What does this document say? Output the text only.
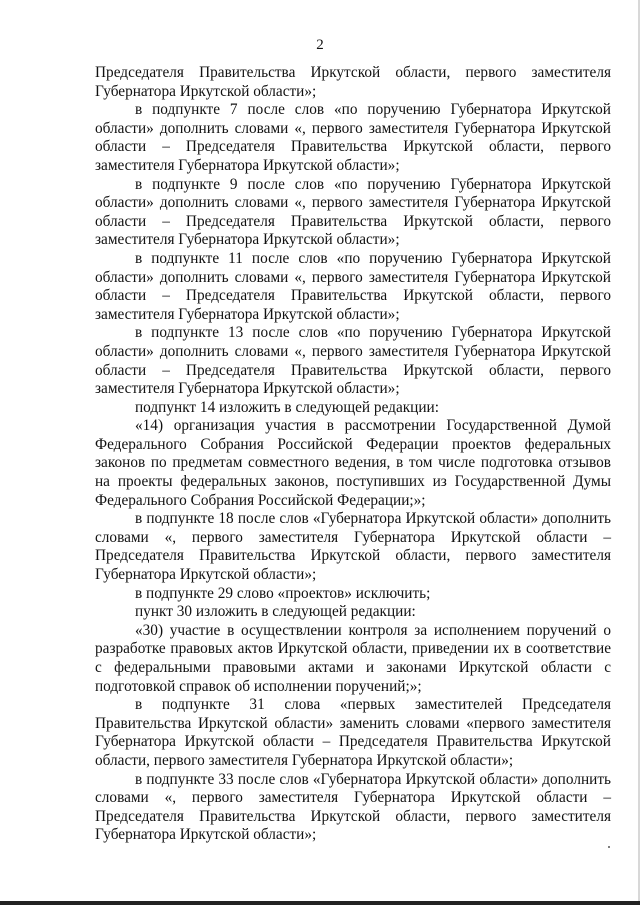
2

Председателя Правительства Иркутской области, первого заместителя Губернатора Иркутской области»;

в подпункте 7 после слов «по поручению Губернатора Иркутской области» дополнить словами «, первого заместителя Губернатора Иркутской области – Председателя Правительства Иркутской области, первого заместителя Губернатора Иркутской области»;

в подпункте 9 после слов «по поручению Губернатора Иркутской области» дополнить словами «, первого заместителя Губернатора Иркутской области – Председателя Правительства Иркутской области, первого заместителя Губернатора Иркутской области»;

в подпункте 11 после слов «по поручению Губернатора Иркутской области» дополнить словами «, первого заместителя Губернатора Иркутской области – Председателя Правительства Иркутской области, первого заместителя Губернатора Иркутской области»;

в подпункте 13 после слов «по поручению Губернатора Иркутской области» дополнить словами «, первого заместителя Губернатора Иркутской области – Председателя Правительства Иркутской области, первого заместителя Губернатора Иркутской области»;

подпункт 14 изложить в следующей редакции:

«14) организация участия в рассмотрении Государственной Думой Федерального Собрания Российской Федерации проектов федеральных законов по предметам совместного ведения, в том числе подготовка отзывов на проекты федеральных законов, поступивших из Государственной Думы Федерального Собрания Российской Федерации;»;

в подпункте 18 после слов «Губернатора Иркутской области» дополнить словами «, первого заместителя Губернатора Иркутской области – Председателя Правительства Иркутской области, первого заместителя Губернатора Иркутской области»;

в подпункте 29 слово «проектов» исключить;

пункт 30 изложить в следующей редакции:

«30) участие в осуществлении контроля за исполнением поручений о разработке правовых актов Иркутской области, приведении их в соответствие с федеральными правовыми актами и законами Иркутской области с подготовкой справок об исполнении поручений;»;

в подпункте 31 слова «первых заместителей Председателя Правительства Иркутской области» заменить словами «первого заместителя Губернатора Иркутской области – Председателя Правительства Иркутской области, первого заместителя Губернатора Иркутской области»;

в подпункте 33 после слов «Губернатора Иркутской области» дополнить словами «, первого заместителя Губернатора Иркутской области – Председателя Правительства Иркутской области, первого заместителя Губернатора Иркутской области»;
